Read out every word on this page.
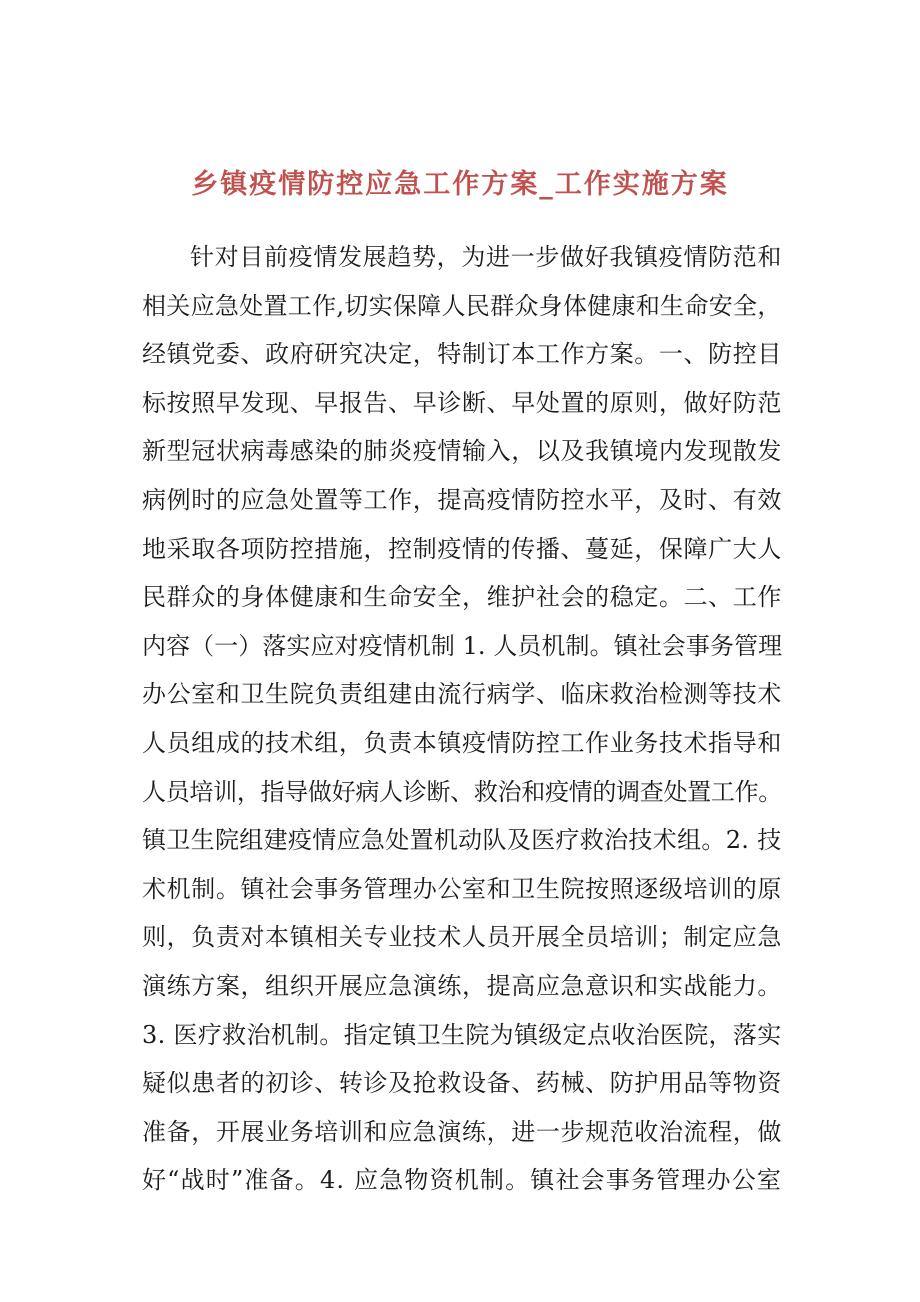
乡镇疫情防控应急工作方案_工作实施方案
针对目前疫情发展趋势，为进一步做好我镇疫情防范和
相关应急处置工作,切实保障人民群众身体健康和生命安全，
经镇党委、政府研究决定，特制订本工作方案。一、防控目
标按照早发现、早报告、早诊断、早处置的原则，做好防范
新型冠状病毒感染的肺炎疫情输入，以及我镇境内发现散发
病例时的应急处置等工作，提高疫情防控水平，及时、有效
地采取各项防控措施，控制疫情的传播、蔓延，保障广大人
民群众的身体健康和生命安全，维护社会的稳定。二、工作
内容（一）落实应对疫情机制 1. 人员机制。镇社会事务管理
办公室和卫生院负责组建由流行病学、临床救治检测等技术
人员组成的技术组，负责本镇疫情防控工作业务技术指导和
人员培训，指导做好病人诊断、救治和疫情的调查处置工作。
镇卫生院组建疫情应急处置机动队及医疗救治技术组。2. 技
术机制。镇社会事务管理办公室和卫生院按照逐级培训的原
则，负责对本镇相关专业技术人员开展全员培训；制定应急
演练方案，组织开展应急演练，提高应急意识和实战能力。
3. 医疗救治机制。指定镇卫生院为镇级定点收治医院，落实
疑似患者的初诊、转诊及抢救设备、药械、防护用品等物资
准备，开展业务培训和应急演练，进一步规范收治流程，做
好“战时”准备。4. 应急物资机制。镇社会事务管理办公室
